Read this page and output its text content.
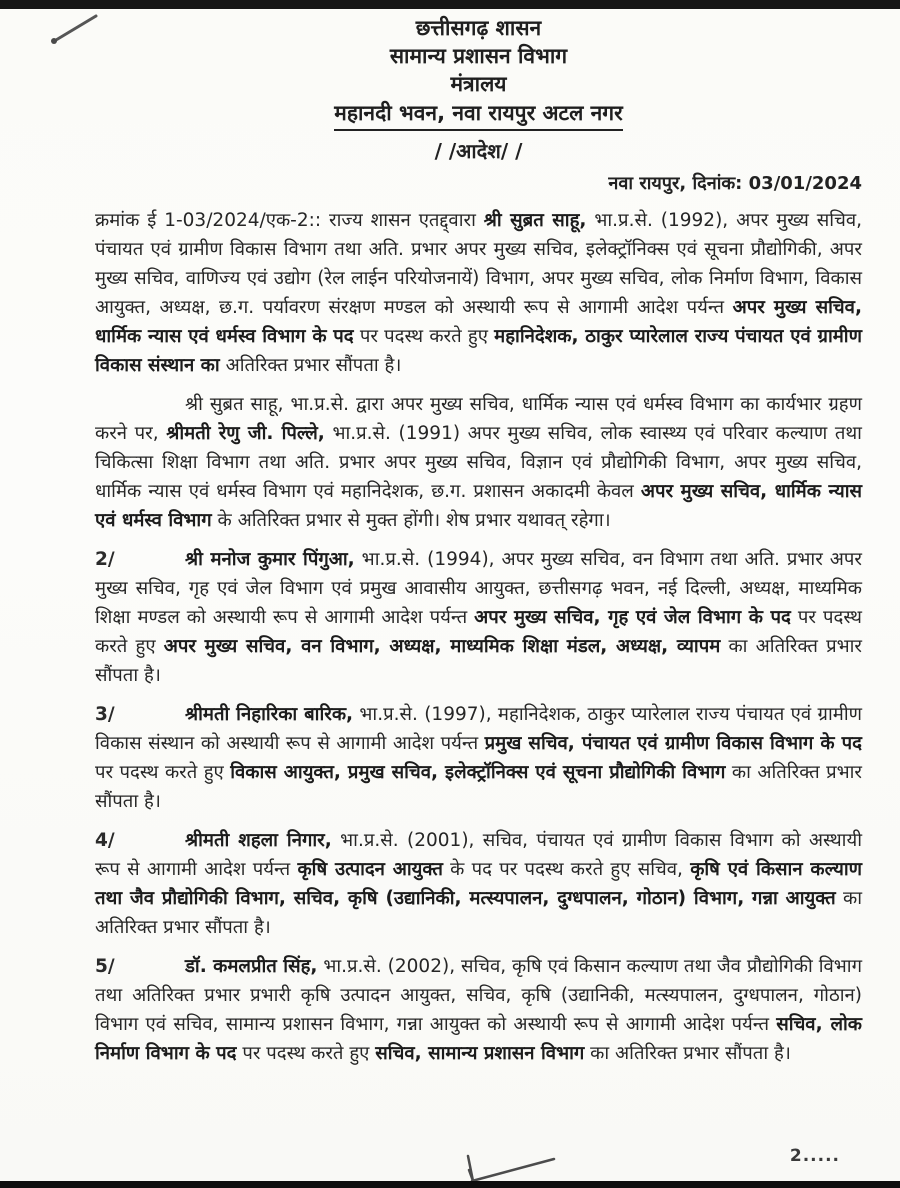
छत्तीसगढ़ शासन
सामान्य प्रशासन विभाग
मंत्रालय
महानदी भवन, नवा रायपुर अटल नगर
/ /आदेश/ /
नवा रायपुर, दिनांक: 03/01/2024
क्रमांक ई 1-03/2024/एक-2:: राज्य शासन एतद्द्वारा श्री सुब्रत साहू, भा.प्र.से. (1992), अपर मुख्य सचिव, पंचायत एवं ग्रामीण विकास विभाग तथा अति. प्रभार अपर मुख्य सचिव, इलेक्ट्रॉनिक्स एवं सूचना प्रौद्योगिकी, अपर मुख्य सचिव, वाणिज्य एवं उद्योग (रेल लाईन परियोजनायें) विभाग, अपर मुख्य सचिव, लोक निर्माण विभाग, विकास आयुक्त, अध्यक्ष, छ.ग. पर्यावरण संरक्षण मण्डल को अस्थायी रूप से आगामी आदेश पर्यन्त अपर मुख्य सचिव, धार्मिक न्यास एवं धर्मस्व विभाग के पद पर पदस्थ करते हुए महानिदेशक, ठाकुर प्यारेलाल राज्य पंचायत एवं ग्रामीण विकास संस्थान का अतिरिक्त प्रभार सौंपता है।
श्री सुब्रत साहू, भा.प्र.से. द्वारा अपर मुख्य सचिव, धार्मिक न्यास एवं धर्मस्व विभाग का कार्यभार ग्रहण करने पर, श्रीमती रेणु जी. पिल्ले, भा.प्र.से. (1991) अपर मुख्य सचिव, लोक स्वास्थ्य एवं परिवार कल्याण तथा चिकित्सा शिक्षा विभाग तथा अति. प्रभार अपर मुख्य सचिव, विज्ञान एवं प्रौद्योगिकी विभाग, अपर मुख्य सचिव, धार्मिक न्यास एवं धर्मस्व विभाग एवं महानिदेशक, छ.ग. प्रशासन अकादमी केवल अपर मुख्य सचिव, धार्मिक न्यास एवं धर्मस्व विभाग के अतिरिक्त प्रभार से मुक्त होंगी। शेष प्रभार यथावत् रहेगा।
2/	श्री मनोज कुमार पिंगुआ, भा.प्र.से. (1994), अपर मुख्य सचिव, वन विभाग तथा अति. प्रभार अपर मुख्य सचिव, गृह एवं जेल विभाग एवं प्रमुख आवासीय आयुक्त, छत्तीसगढ़ भवन, नई दिल्ली, अध्यक्ष, माध्यमिक शिक्षा मण्डल को अस्थायी रूप से आगामी आदेश पर्यन्त अपर मुख्य सचिव, गृह एवं जेल विभाग के पद पर पदस्थ करते हुए अपर मुख्य सचिव, वन विभाग, अध्यक्ष, माध्यमिक शिक्षा मंडल, अध्यक्ष, व्यापम का अतिरिक्त प्रभार सौंपता है।
3/	श्रीमती निहारिका बारिक, भा.प्र.से. (1997), महानिदेशक, ठाकुर प्यारेलाल राज्य पंचायत एवं ग्रामीण विकास संस्थान को अस्थायी रूप से आगामी आदेश पर्यन्त प्रमुख सचिव, पंचायत एवं ग्रामीण विकास विभाग के पद पर पदस्थ करते हुए विकास आयुक्त, प्रमुख सचिव, इलेक्ट्रॉनिक्स एवं सूचना प्रौद्योगिकी विभाग का अतिरिक्त प्रभार सौंपता है।
4/	श्रीमती शहला निगार, भा.प्र.से. (2001), सचिव, पंचायत एवं ग्रामीण विकास विभाग को अस्थायी रूप से आगामी आदेश पर्यन्त कृषि उत्पादन आयुक्त के पद पर पदस्थ करते हुए सचिव, कृषि एवं किसान कल्याण तथा जैव प्रौद्योगिकी विभाग, सचिव, कृषि (उद्यानिकी, मत्स्यपालन, दुग्धपालन, गोठान) विभाग, गन्ना आयुक्त का अतिरिक्त प्रभार सौंपता है।
5/	डॉ. कमलप्रीत सिंह, भा.प्र.से. (2002), सचिव, कृषि एवं किसान कल्याण तथा जैव प्रौद्योगिकी विभाग तथा अतिरिक्त प्रभार प्रभारी कृषि उत्पादन आयुक्त, सचिव, कृषि (उद्यानिकी, मत्स्यपालन, दुग्धपालन, गोठान) विभाग एवं सचिव, सामान्य प्रशासन विभाग, गन्ना आयुक्त को अस्थायी रूप से आगामी आदेश पर्यन्त सचिव, लोक निर्माण विभाग के पद पर पदस्थ करते हुए सचिव, सामान्य प्रशासन विभाग का अतिरिक्त प्रभार सौंपता है।
2.....
